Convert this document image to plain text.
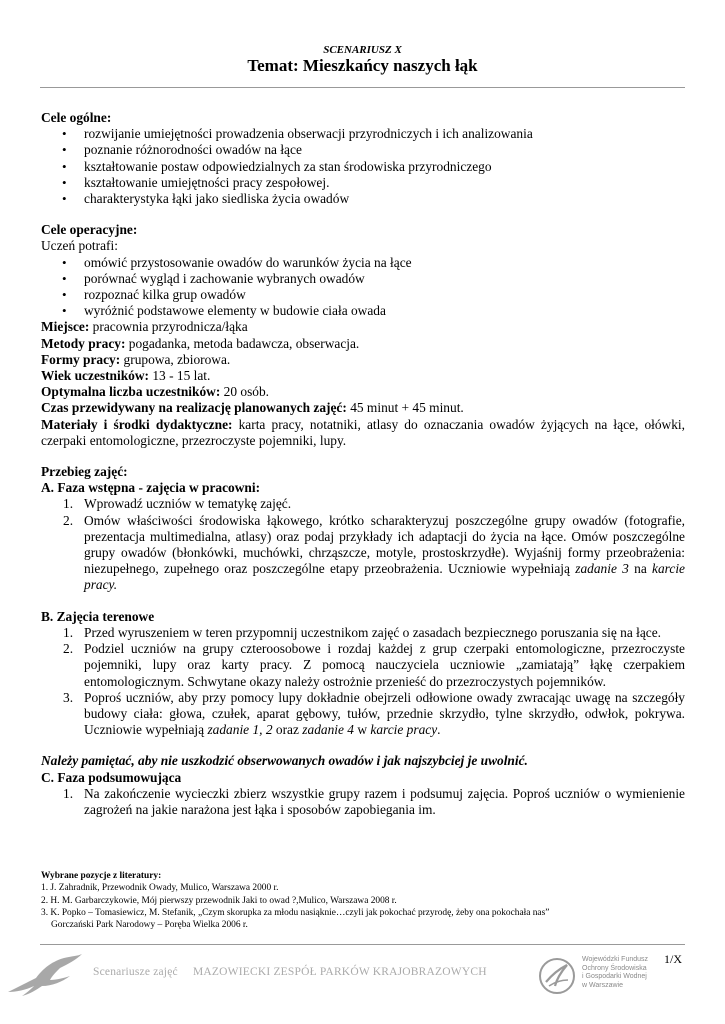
SCENARIUSZ X
Temat: Mieszkańcy naszych łąk
Cele ogólne:
• rozwijanie umiejętności prowadzenia obserwacji przyrodniczych i ich analizowania
• poznanie różnorodności owadów na łące
• kształtowanie postaw odpowiedzialnych za stan środowiska przyrodniczego
• kształtowanie umiejętności pracy zespołowej.
• charakterystyka łąki jako siedliska życia owadów
Cele operacyjne:
Uczeń potrafi:
• omówić przystosowanie owadów do warunków życia na łące
• porównać wygląd i zachowanie wybranych owadów
• rozpoznać kilka grup owadów
• wyróżnić podstawowe elementy w budowie ciała owada
Miejsce: pracownia przyrodnicza/łąka
Metody pracy: pogadanka, metoda badawcza, obserwacja.
Formy pracy: grupowa, zbiorowa.
Wiek uczestników: 13 - 15 lat.
Optymalna liczba uczestników: 20 osób.
Czas przewidywany na realizację planowanych zajęć: 45 minut + 45 minut.
Materiały i środki dydaktyczne: karta pracy, notatniki, atlasy do oznaczania owadów żyjących na łące, ołówki, czerpaki entomologiczne, przezroczyste pojemniki, lupy.
Przebieg zajęć:
A. Faza wstępna - zajęcia w pracowni:
1. Wprowadź uczniów w tematykę zajęć.
2. Omów właściwości środowiska łąkowego, krótko scharakteryzuj poszczególne grupy owadów (fotografie, prezentacja multimedialna, atlasy) oraz podaj przykłady ich adaptacji do życia na łące. Omów poszczególne grupy owadów (błonkówki, muchówki, chrząszcze, motyle, prostoskrzydłe). Wyjaśnij formy przeobrażenia: niezupełnego, zupełnego oraz poszczególne etapy przeobrażenia. Uczniowie wypełniają zadanie 3 na karcie pracy.
B. Zajęcia terenowe
1. Przed wyruszeniem w teren przypomnij uczestnikom zajęć o zasadach bezpiecznego poruszania się na łące.
2. Podziel uczniów na grupy czteroosobowe i rozdaj każdej z grup czerpaki entomologiczne, przezroczyste pojemniki, lupy oraz karty pracy. Z pomocą nauczyciela uczniowie „zamiatają” łąkę czerpakiem entomologicznym. Schwytane okazy należy ostrożnie przenieść do przezroczystych pojemników.
3. Poproś uczniów, aby przy pomocy lupy dokładnie obejrzeli odłowione owady zwracając uwagę na szczegóły budowy ciała: głowa, czułek, aparat gębowy, tułów, przednie skrzydło, tylne skrzydło, odwłok, pokrywa. Uczniowie wypełniają zadanie 1, 2 oraz zadanie 4 w karcie pracy.
Należy pamiętać, aby nie uszkodzić obserwowanych owadów i jak najszybciej je uwolnić.
C. Faza podsumowująca
1. Na zakończenie wycieczki zbierz wszystkie grupy razem i podsumuj zajęcia. Poproś uczniów o wymienienie zagrożeń na jakie narażona jest łąka i sposobów zapobiegania im.
Wybrane pozycje z literatury:
1. J. Zahradnik, Przewodnik Owady, Mulico, Warszawa 2000 r.
2. H. M. Garbarczykowie, Mój pierwszy przewodnik Jaki to owad ?,Mulico, Warszawa 2008 r.
3. K. Popko – Tomasiewicz, M. Stefanik, „Czym skorupka za młodu nasiąknie…czyli jak pokochać przyrodę, żeby ona pokochała nas”
Gorczański Park Narodowy – Poręba Wielka 2006 r.
1/X
Scenariusze zajęć MAZOWIECKI ZESPÓŁ PARKÓW KRAJOBRAZOWYCH
Wojewódzki Fundusz
Ochrony Środowiska
i Gospodarki Wodnej
w Warszawie
